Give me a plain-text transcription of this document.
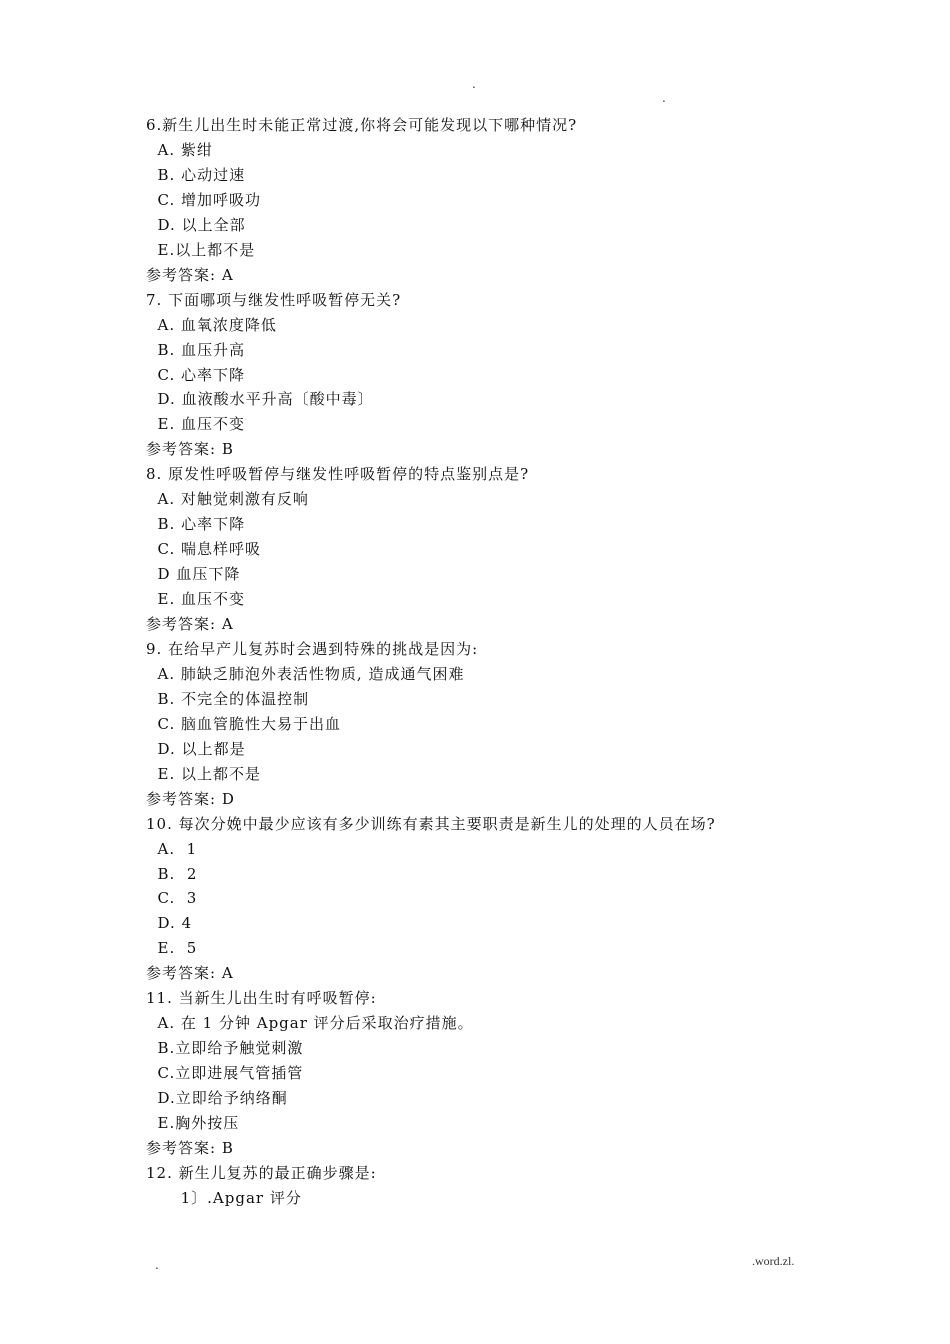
.
.
6.新生儿出生时未能正常过渡,你将会可能发现以下哪种情况?
A. 紫绀
B. 心动过速
C. 增加呼吸功
D. 以上全部
E.以上都不是
参考答案: A
7. 下面哪项与继发性呼吸暂停无关?
A. 血氧浓度降低
B. 血压升高
C. 心率下降
D. 血液酸水平升高〔酸中毒〕
E. 血压不变
参考答案: B
8. 原发性呼吸暂停与继发性呼吸暂停的特点鉴别点是?
A. 对触觉刺激有反响
B. 心率下降
C. 喘息样呼吸
D 血压下降
E. 血压不变
参考答案: A
9. 在给早产儿复苏时会遇到特殊的挑战是因为:
A. 肺缺乏肺泡外表活性物质, 造成通气困难
B. 不完全的体温控制
C. 脑血管脆性大易于出血
D. 以上都是
E. 以上都不是
参考答案: D
10. 每次分娩中最少应该有多少训练有素其主要职责是新生儿的处理的人员在场?
A.  1
B.  2
C.  3
D. 4
E.  5
参考答案: A
11. 当新生儿出生时有呼吸暂停:
A. 在 1 分钟 Apgar 评分后采取治疗措施。
B.立即给予触觉刺激
C.立即进展气管插管
D.立即给予纳络酮
E.胸外按压
参考答案: B
12. 新生儿复苏的最正确步骤是:
1〕.Apgar 评分
.	.word.zl.
